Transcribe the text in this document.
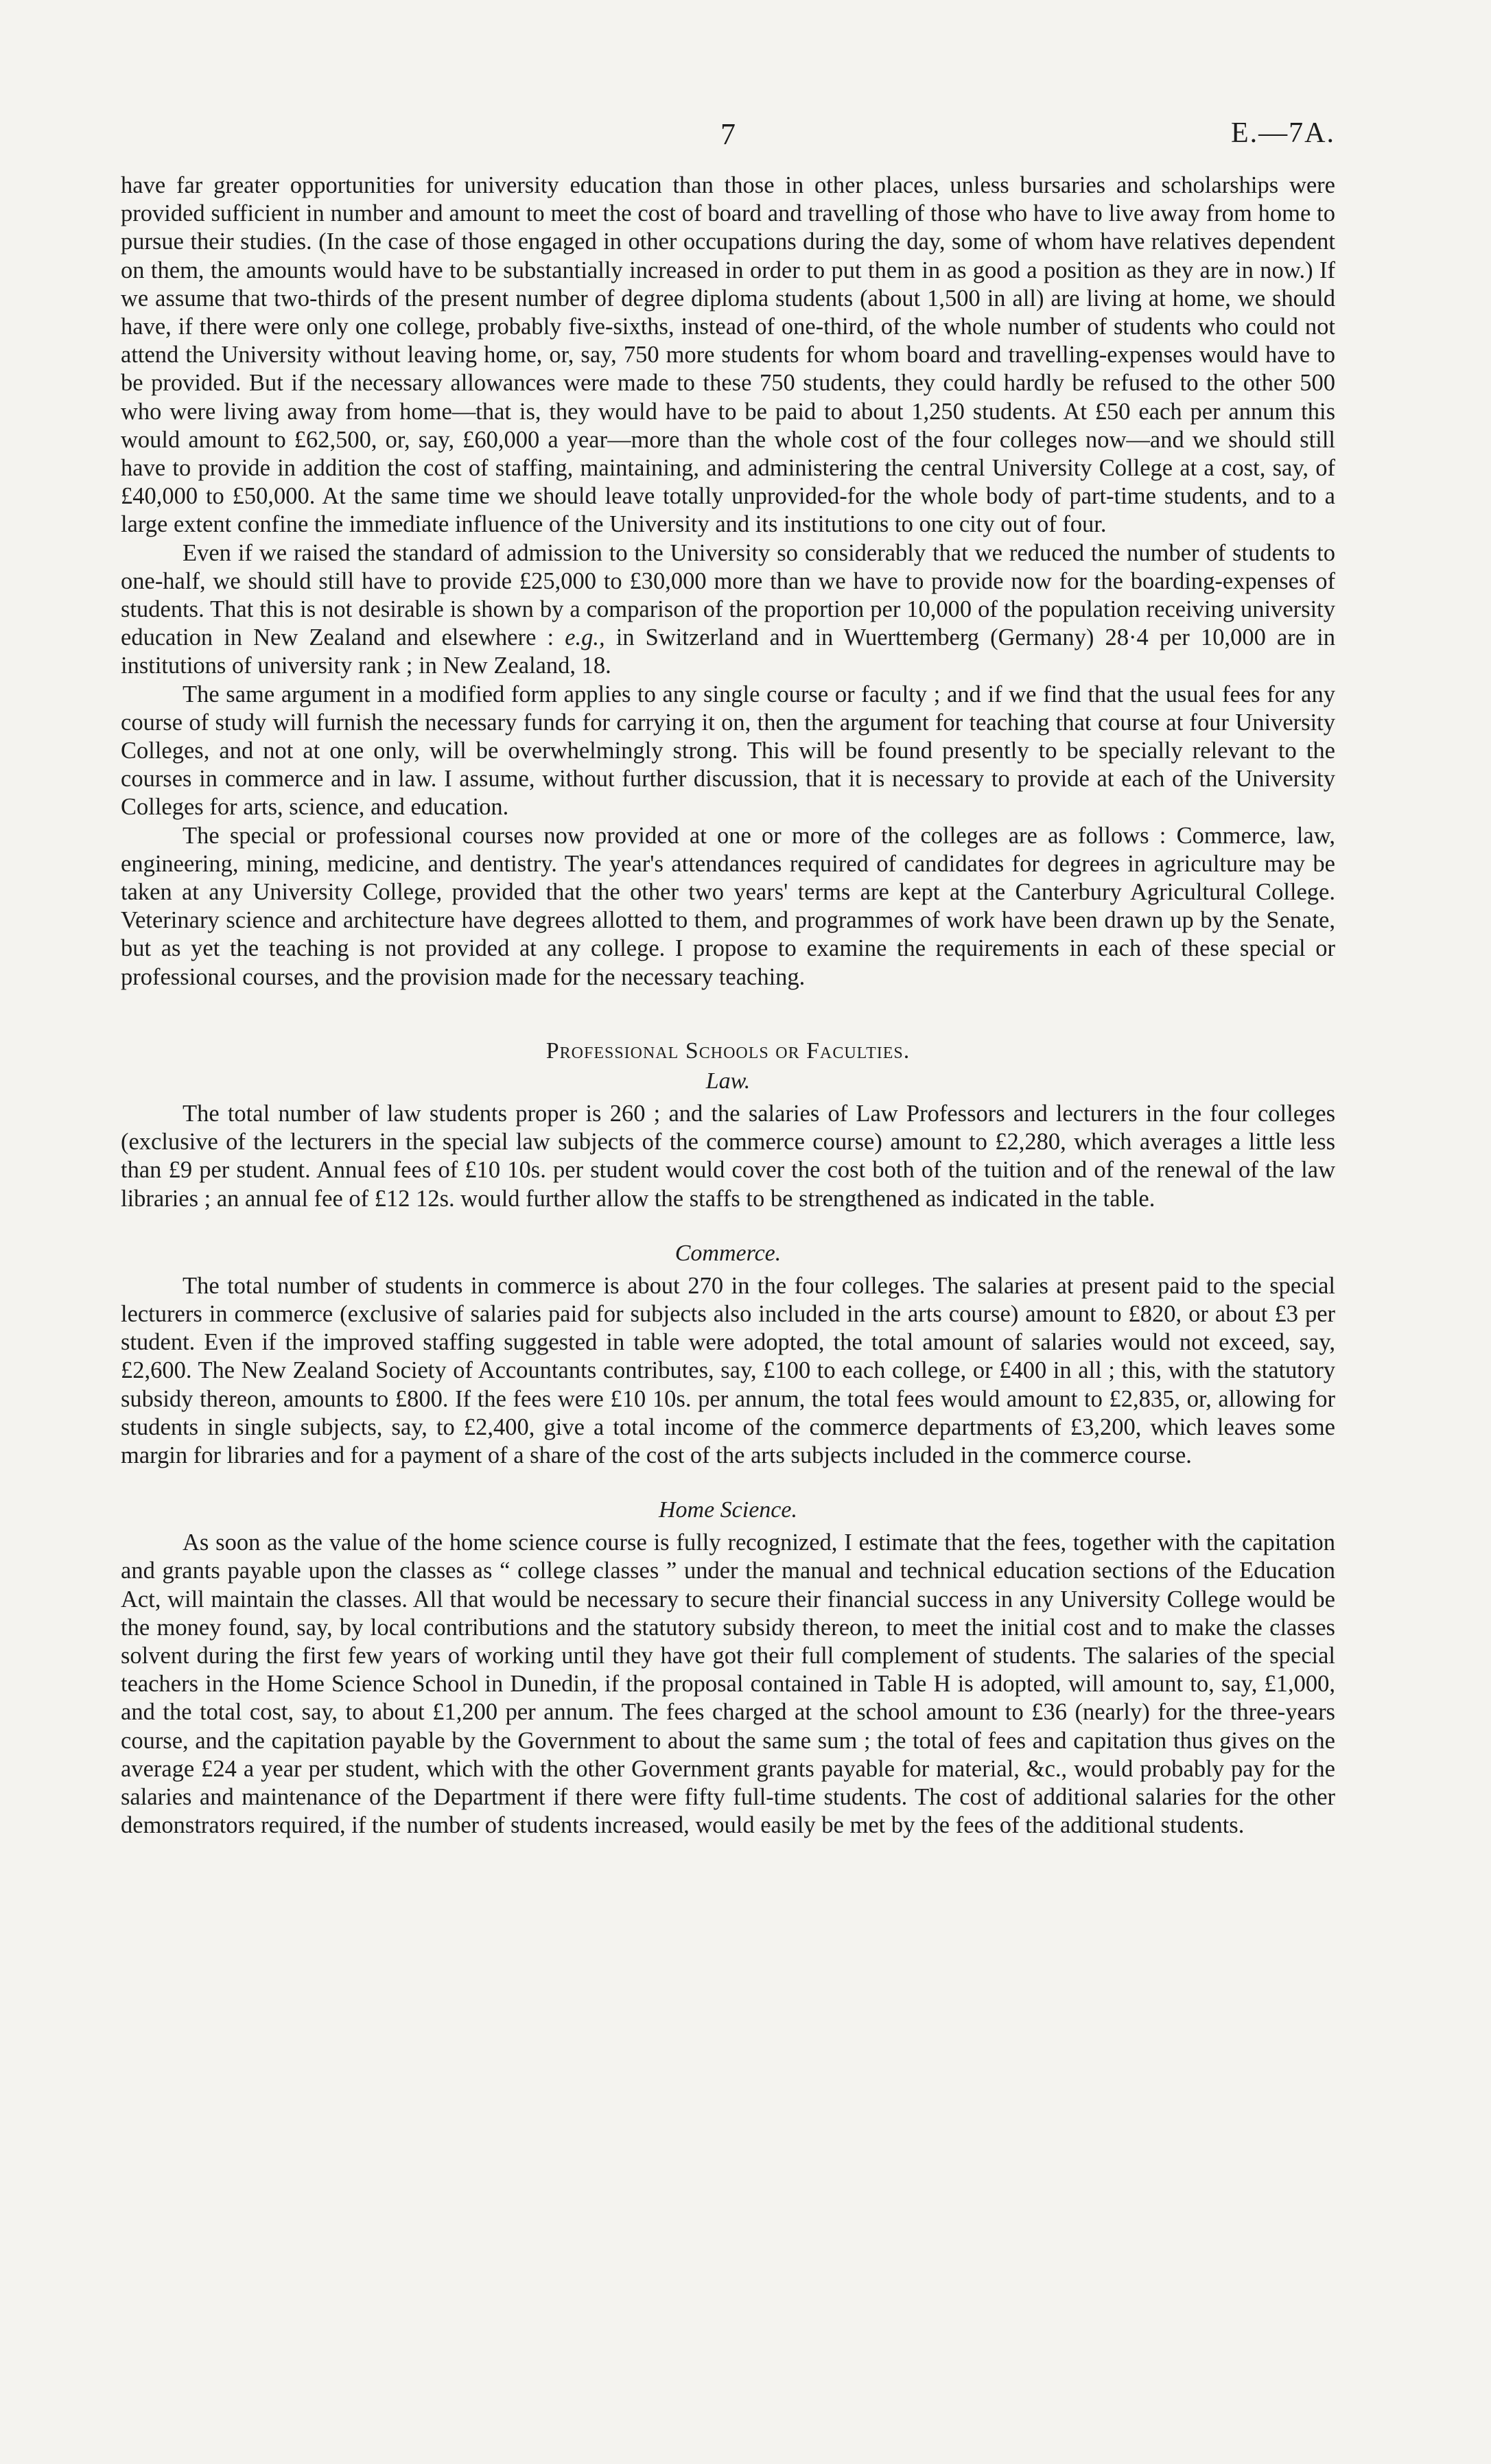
7	E.—7A.

have far greater opportunities for university education than those in other places, unless bursaries and scholarships were provided sufficient in number and amount to meet the cost of board and travelling of those who have to live away from home to pursue their studies. (In the case of those engaged in other occupations during the day, some of whom have relatives dependent on them, the amounts would have to be substantially increased in order to put them in as good a position as they are in now.) If we assume that two-thirds of the present number of degree diploma students (about 1,500 in all) are living at home, we should have, if there were only one college, probably five-sixths, instead of one-third, of the whole number of students who could not attend the University without leaving home, or, say, 750 more students for whom board and travelling-expenses would have to be provided. But if the necessary allowances were made to these 750 students, they could hardly be refused to the other 500 who were living away from home—that is, they would have to be paid to about 1,250 students. At £50 each per annum this would amount to £62,500, or, say, £60,000 a year—more than the whole cost of the four colleges now—and we should still have to provide in addition the cost of staffing, maintaining, and administering the central University College at a cost, say, of £40,000 to £50,000. At the same time we should leave totally unprovided-for the whole body of part-time students, and to a large extent confine the immediate influence of the University and its institutions to one city out of four.

Even if we raised the standard of admission to the University so considerably that we reduced the number of students to one-half, we should still have to provide £25,000 to £30,000 more than we have to provide now for the boarding-expenses of students. That this is not desirable is shown by a comparison of the proportion per 10,000 of the population receiving university education in New Zealand and elsewhere : e.g., in Switzerland and in Wuerttemberg (Germany) 28·4 per 10,000 are in institutions of university rank ; in New Zealand, 18.

The same argument in a modified form applies to any single course or faculty ; and if we find that the usual fees for any course of study will furnish the necessary funds for carrying it on, then the argument for teaching that course at four University Colleges, and not at one only, will be overwhelmingly strong. This will be found presently to be specially relevant to the courses in commerce and in law. I assume, without further discussion, that it is necessary to provide at each of the University Colleges for arts, science, and education.

The special or professional courses now provided at one or more of the colleges are as follows : Commerce, law, engineering, mining, medicine, and dentistry. The year's attendances required of candidates for degrees in agriculture may be taken at any University College, provided that the other two years' terms are kept at the Canterbury Agricultural College. Veterinary science and architecture have degrees allotted to them, and programmes of work have been drawn up by the Senate, but as yet the teaching is not provided at any college. I propose to examine the requirements in each of these special or professional courses, and the provision made for the necessary teaching.

Professional Schools or Faculties.
Law.

The total number of law students proper is 260 ; and the salaries of Law Professors and lecturers in the four colleges (exclusive of the lecturers in the special law subjects of the commerce course) amount to £2,280, which averages a little less than £9 per student. Annual fees of £10 10s. per student would cover the cost both of the tuition and of the renewal of the law libraries ; an annual fee of £12 12s. would further allow the staffs to be strengthened as indicated in the table.

Commerce.

The total number of students in commerce is about 270 in the four colleges. The salaries at present paid to the special lecturers in commerce (exclusive of salaries paid for subjects also included in the arts course) amount to £820, or about £3 per student. Even if the improved staffing suggested in table were adopted, the total amount of salaries would not exceed, say, £2,600. The New Zealand Society of Accountants contributes, say, £100 to each college, or £400 in all ; this, with the statutory subsidy thereon, amounts to £800. If the fees were £10 10s. per annum, the total fees would amount to £2,835, or, allowing for students in single subjects, say, to £2,400, give a total income of the commerce departments of £3,200, which leaves some margin for libraries and for a payment of a share of the cost of the arts subjects included in the commerce course.

Home Science.

As soon as the value of the home science course is fully recognized, I estimate that the fees, together with the capitation and grants payable upon the classes as “ college classes ” under the manual and technical education sections of the Education Act, will maintain the classes. All that would be necessary to secure their financial success in any University College would be the money found, say, by local contributions and the statutory subsidy thereon, to meet the initial cost and to make the classes solvent during the first few years of working until they have got their full complement of students. The salaries of the special teachers in the Home Science School in Dunedin, if the proposal contained in Table H is adopted, will amount to, say, £1,000, and the total cost, say, to about £1,200 per annum. The fees charged at the school amount to £36 (nearly) for the three-years course, and the capitation payable by the Government to about the same sum ; the total of fees and capitation thus gives on the average £24 a year per student, which with the other Government grants payable for material, &c., would probably pay for the salaries and maintenance of the Department if there were fifty full-time students. The cost of additional salaries for the other demonstrators required, if the number of students increased, would easily be met by the fees of the additional students.
